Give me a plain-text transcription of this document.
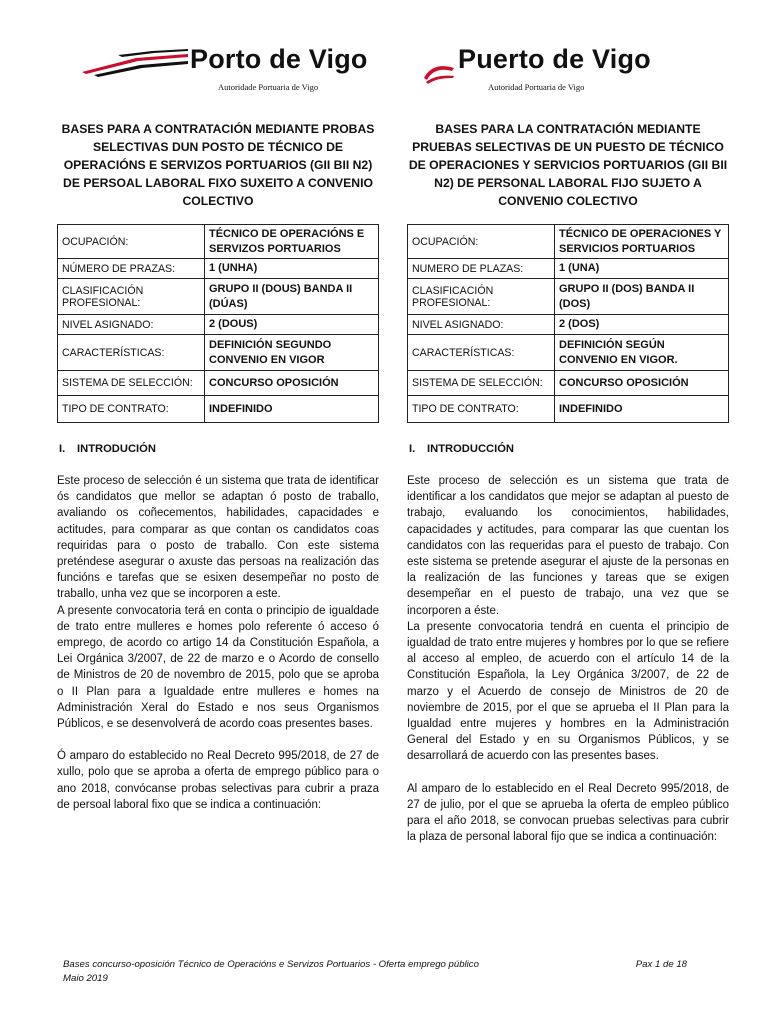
Porto de Vigo
Autoridade Portuaria de Vigo
Puerto de Vigo
Autoridad Portuaria de Vigo

BASES PARA A CONTRATACIÓN MEDIANTE PROBAS SELECTIVAS DUN POSTO DE TÉCNICO DE OPERACIÓNS E SERVIZOS PORTUARIOS (GII BII N2) DE PERSOAL LABORAL FIXO SUXEITO A CONVENIO COLECTIVO

OCUPACIÓN:	TÉCNICO DE OPERACIÓNS E SERVIZOS PORTUARIOS
NÚMERO DE PRAZAS:	1 (UNHA)
CLASIFICACIÓN PROFESIONAL:	GRUPO II (DOUS) BANDA II (DÚAS)
NIVEL ASIGNADO:	2 (DOUS)
CARACTERÍSTICAS:	DEFINICIÓN SEGUNDO CONVENIO EN VIGOR
SISTEMA DE SELECCIÓN:	CONCURSO OPOSICIÓN
TIPO DE CONTRATO:	INDEFINIDO
I. INTRODUCIÓN

Este proceso de selección é un sistema que trata de identificar ós candidatos que mellor se adaptan ó posto de traballo, avaliando os coñecementos, habilidades, capacidades e actitudes, para comparar as que contan os candidatos coas requiridas para o posto de traballo. Con este sistema preténdese asegurar o axuste das persoas na realización das funcións e tarefas que se esixen desempeñar no posto de traballo, unha vez que se incorporen a este.

A presente convocatoria terá en conta o principio de igualdade de trato entre mulleres e homes polo referente ó acceso ó emprego, de acordo co artigo 14 da Constitución Española, a Lei Orgánica 3/2007, de 22 de marzo e o Acordo de consello de Ministros de 20 de novembro de 2015, polo que se aproba o II Plan para a Igualdade entre mulleres e homes na Administración Xeral do Estado e nos seus Organismos Públicos, e se desenvolverá de acordo coas presentes bases.

Ó amparo do establecido no Real Decreto 995/2018, de 27 de xullo, polo que se aproba a oferta de emprego público para o ano 2018, convócanse probas selectivas para cubrir a praza de persoal laboral fixo que se indica a continuación:

BASES PARA LA CONTRATACIÓN MEDIANTE PRUEBAS SELECTIVAS DE UN PUESTO DE TÉCNICO DE OPERACIONES Y SERVICIOS PORTUARIOS (GII BII N2) DE PERSONAL LABORAL FIJO SUJETO A CONVENIO COLECTIVO

OCUPACIÓN:	TÉCNICO DE OPERACIONES Y SERVICIOS PORTUARIOS
NUMERO DE PLAZAS:	1 (UNA)
CLASIFICACIÓN PROFESIONAL:	GRUPO II (DOS) BANDA II (DOS)
NIVEL ASIGNADO:	2 (DOS)
CARACTERÍSTICAS:	DEFINICIÓN SEGÚN CONVENIO EN VIGOR.
SISTEMA DE SELECCIÓN:	CONCURSO OPOSICIÓN
TIPO DE CONTRATO:	INDEFINIDO
I. INTRODUCCIÓN

Este proceso de selección es un sistema que trata de identificar a los candidatos que mejor se adaptan al puesto de trabajo, evaluando los conocimientos, habilidades, capacidades y actitudes, para comparar las que cuentan los candidatos con las requeridas para el puesto de trabajo. Con este sistema se pretende asegurar el ajuste de la personas en la realización de las funciones y tareas que se exigen desempeñar en el puesto de trabajo, una vez que se incorporen a éste.

La presente convocatoria tendrá en cuenta el principio de igualdad de trato entre mujeres y hombres por lo que se refiere al acceso al empleo, de acuerdo con el artículo 14 de la Constitución Española, la Ley Orgánica 3/2007, de 22 de marzo y el Acuerdo de consejo de Ministros de 20 de noviembre de 2015, por el que se aprueba el II Plan para la Igualdad entre mujeres y hombres en la Administración General del Estado y en su Organismos Públicos, y se desarrollará de acuerdo con las presentes bases.

Al amparo de lo establecido en el Real Decreto 995/2018, de 27 de julio, por el que se aprueba la oferta de empleo público para el año 2018, se convocan pruebas selectivas para cubrir la plaza de personal laboral fijo que se indica a continuación:

Bases concurso-oposición Técnico de Operacións e Servizos Portuarios - Oferta emprego público
Maio 2019
Pax 1 de 18
